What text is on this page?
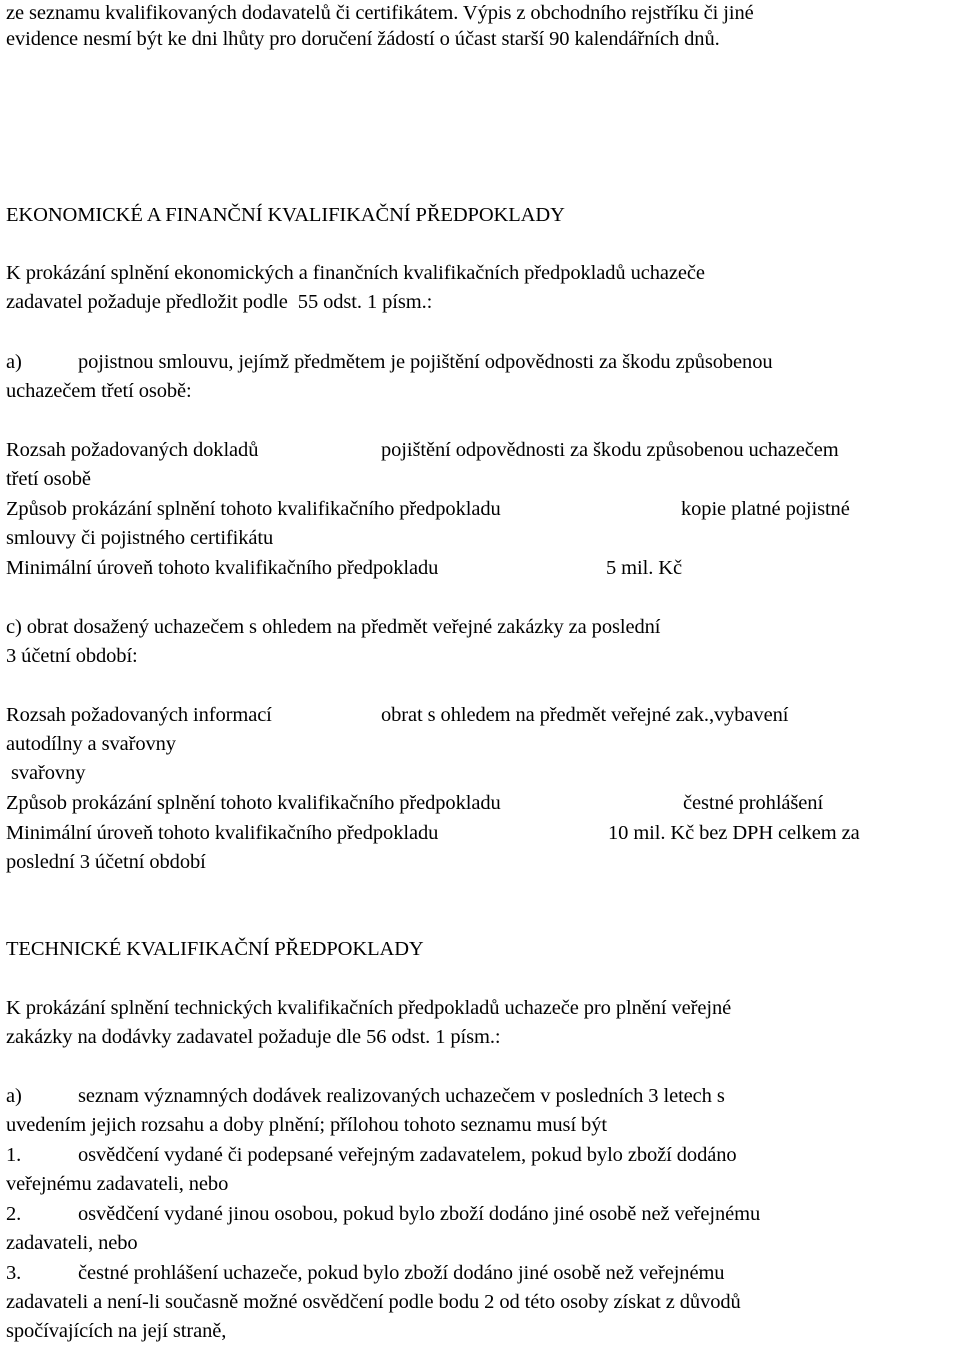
ze seznamu kvalifikovaných dodavatelů či certifikátem. Výpis z obchodního rejstříku či jiné
evidence nesmí být ke dni lhůty pro doručení žádostí o účast starší 90 kalendářních dnů.
EKONOMICKÉ A FINANČNÍ KVALIFIKAČNÍ PŘEDPOKLADY
K prokázání splnění ekonomických a finančních kvalifikačních předpokladů uchazeče
zadavatel požaduje předložit podle  55 odst. 1 písm.:
a)	pojistnou smlouvu, jejímž předmětem je pojištění odpovědnosti za škodu způsobenou
uchazečem třetí osobě:
Rozsah požadovaných dokladů	pojištění odpovědnosti za škodu způsobenou uchazečem
třetí osobě
Způsob prokázání splnění tohoto kvalifikačního předpokladu	kopie platné pojistné
smlouvy či pojistného certifikátu
Minimální úroveň tohoto kvalifikačního předpokladu	5 mil. Kč
c) obrat dosažený uchazečem s ohledem na předmět veřejné zakázky za poslední
3 účetní období:
Rozsah požadovaných informací	obrat s ohledem na předmět veřejné zak.,vybavení
autodílny a svařovny
svařovny
Způsob prokázání splnění tohoto kvalifikačního předpokladu	čestné prohlášení
Minimální úroveň tohoto kvalifikačního předpokladu	10 mil. Kč bez DPH celkem za
poslední 3 účetní období
TECHNICKÉ KVALIFIKAČNÍ PŘEDPOKLADY
K prokázání splnění technických kvalifikačních předpokladů uchazeče pro plnění veřejné
zakázky na dodávky zadavatel požaduje dle 56 odst. 1 písm.:
a)	seznam významných dodávek realizovaných uchazečem v posledních 3 letech s
uvedením jejich rozsahu a doby plnění; přílohou tohoto seznamu musí být
1.	osvědčení vydané či podepsané veřejným zadavatelem, pokud bylo zboží dodáno
veřejnému zadavateli, nebo
2.	osvědčení vydané jinou osobou, pokud bylo zboží dodáno jiné osobě než veřejnému
zadavateli, nebo
3.	čestné prohlášení uchazeče, pokud bylo zboží dodáno jiné osobě než veřejnému
zadavateli a není-li současně možné osvědčení podle bodu 2 od této osoby získat z důvodů
spočívajících na její straně,
